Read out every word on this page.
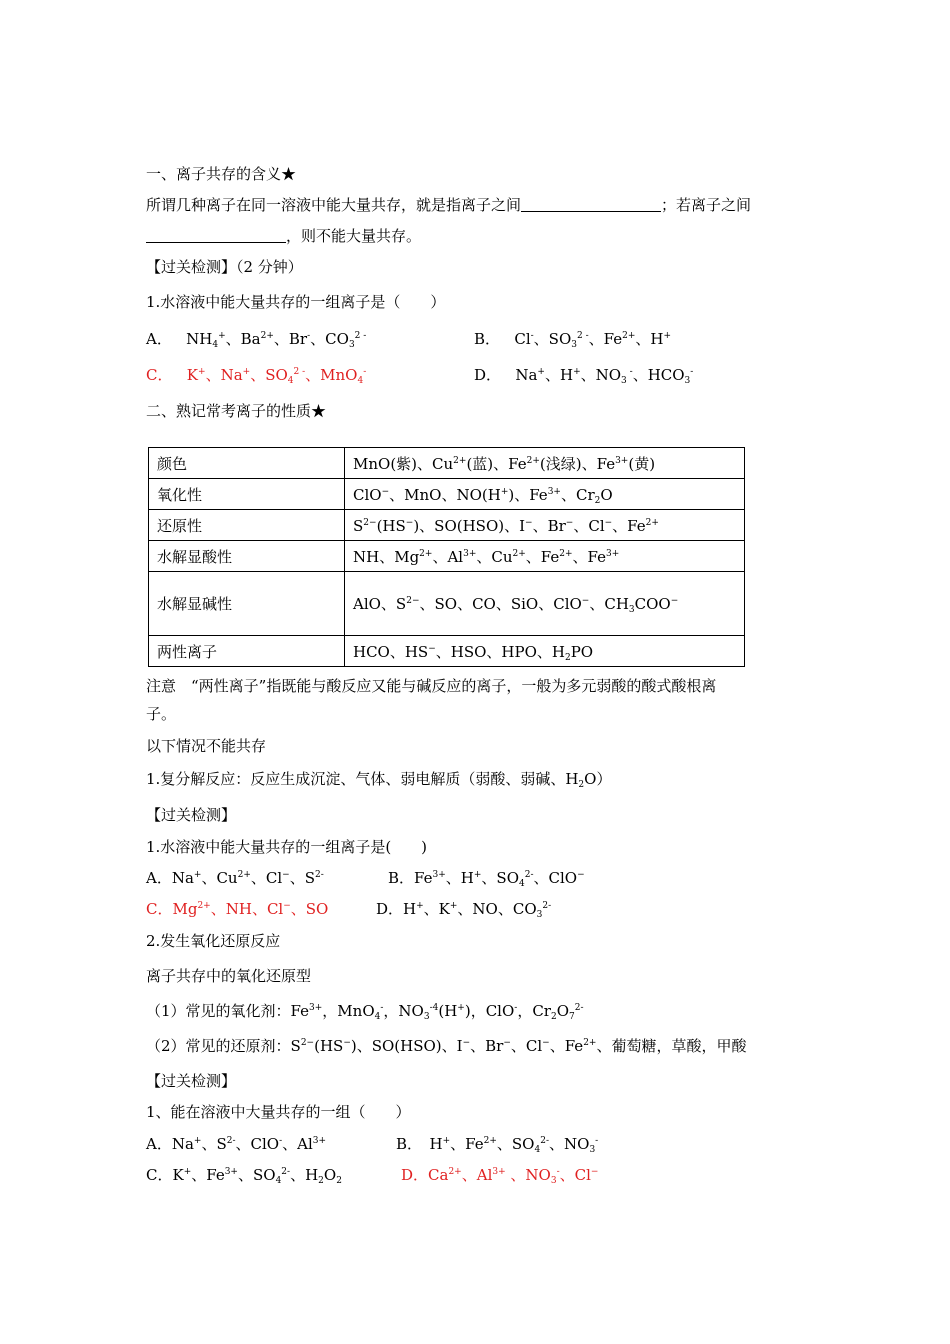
一、离子共存的含义★
所谓几种离子在同一溶液中能大量共存，就是指离子之间	；若离子之间
，则不能大量共存。
【过关检测】（2 分钟）
1.水溶液中能大量共存的一组离子是（　　）
A． $NH_4^+$、$Ba^{2+}$、Br-、$CO_3^{2 -}$	B． Cl-、$SO_3^{2 -}$、$Fe^{2+}$、H+
C． K+、Na+、$SO_4^{2 -}$、MnO$_4$-	D． Na+、H+、$NO_3$ -、$HCO_3^-$
二、熟记常考离子的性质★
颜色	MnO(紫)、$Cu^{2+}$(蓝)、$Fe^{2+}$(浅绿)、$Fe^{3+}$(黄)
氧化性	ClO−、MnO、NO(H+)、$Fe^{3+}$、$Cr_2O$
还原性	$S^{2-}(HS^-)$、SO(HSO)、I−、Br−、Cl−、$Fe^{2+}$
水解显酸性	NH、$Mg^{2+}$、$Al^{3+}$、$Cu^{2+}$、$Fe^{2+}$、$Fe^{3+}$
水解显碱性	AlO、$S^{2-}$、SO、CO、SiO、ClO−、$CH_3COO^-$
两性离子	HCO、HS−、HSO、HPO、$H_2PO$
注意　“两性离子”指既能与酸反应又能与碱反应的离子，一般为多元弱酸的酸式酸根离
子。
以下情况不能共存
1.复分解反应：反应生成沉淀、气体、弱电解质（弱酸、弱碱、$H_2O$）
【过关检测】
1.水溶液中能大量共存的一组离子是(　　)
A．Na+、$Cu^{2+}$、Cl−、$S^{2-}$	B．$Fe^{3+}$、H+、$SO_4^{2-}$、ClO−
C．$Mg^{2+}$、NH、Cl−、SO	D．H+、K+、NO、$CO_3^{2-}$
2.发生氧化还原反应
离子共存中的氧化还原型
（1）常见的氧化剂：$Fe^{3+}$，MnO$_4$-，$NO_3^{-4}(H^+)$，ClO-，$Cr_2O_7^{2-}$
（2）常见的还原剂：$S^{2-}(HS^-)$、SO(HSO)、I−、Br−、Cl−、$Fe^{2+}$、葡萄糖，草酸，甲酸
【过关检测】
1、能在溶液中大量共存的一组（　　）
A．Na+、$S^{2-}$、ClO-、$Al^{3+}$	B．　H+、$Fe^{2+}$、$SO_4^{2-}$、$NO_3^-$
C．K+、$Fe^{3+}$、$SO_4^{2-}$、$H_2O_2$	D．$Ca^{2+}$、$Al^{3+}$ 、$NO_3^-$、Cl−
